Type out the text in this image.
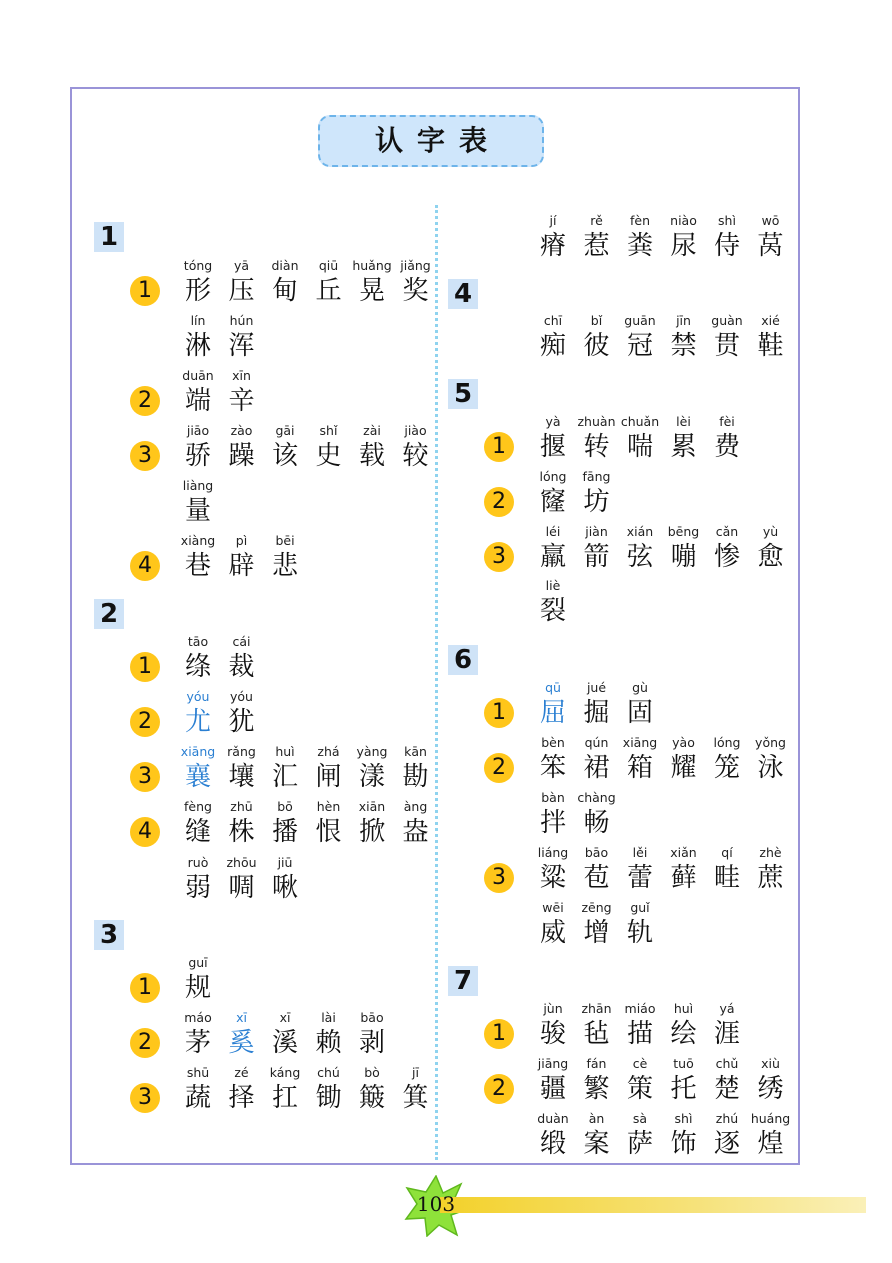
认字表
1
1
tóng
形
yā
压
diàn
甸
qiū
丘
huǎng
晃
jiǎng
奖
lín
淋
hún
浑
2
duān
端
xīn
辛
3
jiāo
骄
zào
躁
gāi
该
shǐ
史
zài
载
jiào
较
liàng
量
4
xiàng
巷
pì
辟
bēi
悲
2
1
tāo
绦
cái
裁
2
yóu
尤
yóu
犹
3
xiāng
襄
rǎng
壤
huì
汇
zhá
闸
yàng
漾
kān
勘
4
fèng
缝
zhū
株
bō
播
hèn
恨
xiān
掀
àng
盎
ruò
弱
zhōu
啁
jiū
啾
3
1
guī
规
2
máo
茅
xī
奚
xī
溪
lài
赖
bāo
剥
3
shū
蔬
zé
择
káng
扛
chú
锄
bò
簸
jī
箕
4
jí
瘠
rě
惹
fèn
粪
niào
尿
shì
侍
wō
莴
chī
痴
bǐ
彼
guān
冠
jīn
禁
guàn
贯
xié
鞋
5
1
yà
揠
zhuàn
转
chuǎn
喘
lèi
累
fèi
费
2
lóng
窿
fāng
坊
3
léi
羸
jiàn
箭
xián
弦
bēng
嘣
cǎn
惨
yù
愈
liè
裂
6
1
qū
屈
jué
掘
gù
固
2
bèn
笨
qún
裙
xiāng
箱
yào
耀
lóng
笼
yǒng
泳
bàn
拌
chàng
畅
3
liáng
粱
bāo
苞
lěi
蕾
xiǎn
藓
qí
畦
zhè
蔗
wēi
威
zēng
增
guǐ
轨
7
1
jùn
骏
zhān
毡
miáo
描
huì
绘
yá
涯
2
jiāng
疆
fán
繁
cè
策
tuō
托
chǔ
楚
xiù
绣
duàn
缎
àn
案
sà
萨
shì
饰
zhú
逐
huáng
煌
103
